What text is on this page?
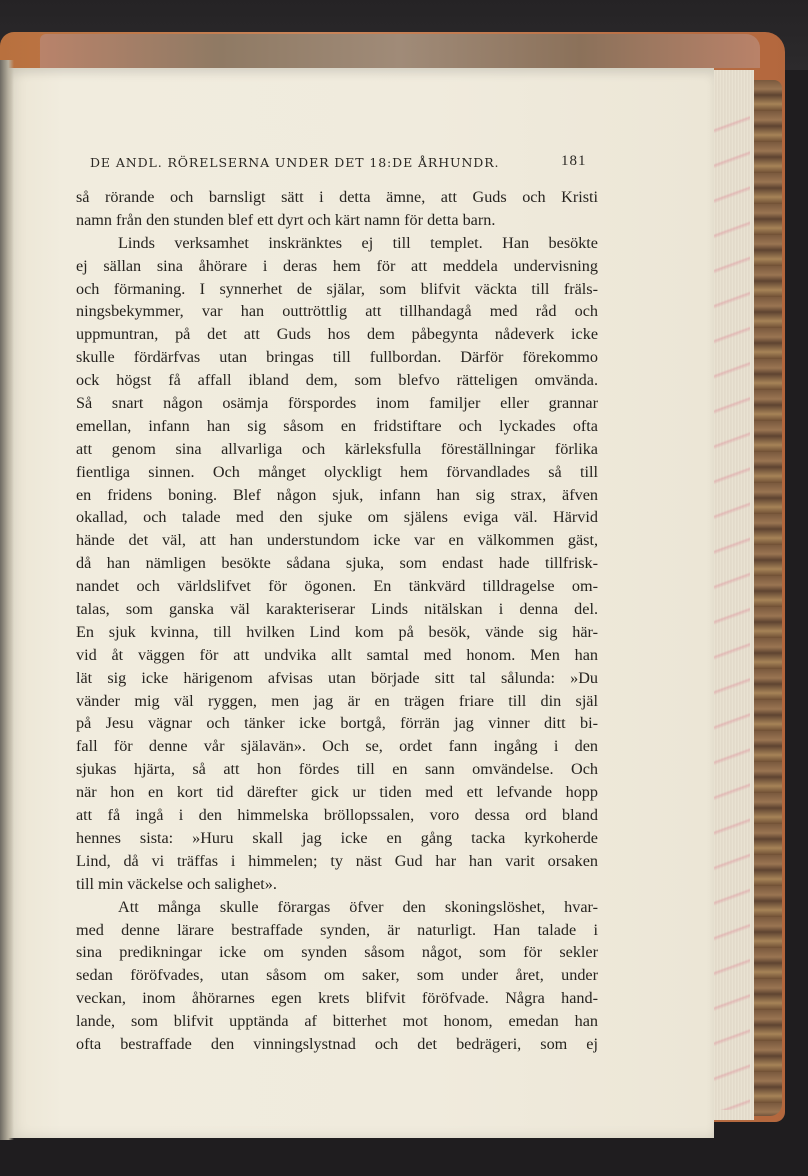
DE ANDL. RÖRELSERNA UNDER DET 18:DE ÅRHUNDR.	181
så rörande och barnsligt sätt i detta ämne, att Guds och Kristi
namn från den stunden blef ett dyrt och kärt namn för detta barn.
Linds verksamhet inskränktes ej till templet. Han besökte
ej sällan sina åhörare i deras hem för att meddela undervisning
och förmaning. I synnerhet de själar, som blifvit väckta till fräls-
ningsbekymmer, var han outtröttlig att tillhandagå med råd och
uppmuntran, på det att Guds hos dem påbegynta nådeverk icke
skulle fördärfvas utan bringas till fullbordan. Därför förekommo
ock högst få affall ibland dem, som blefvo rätteligen omvända.
Så snart någon osämja förspordes inom familjer eller grannar
emellan, infann han sig såsom en fridstiftare och lyckades ofta
att genom sina allvarliga och kärleksfulla föreställningar förlika
fientliga sinnen. Och månget olyckligt hem förvandlades så till
en fridens boning. Blef någon sjuk, infann han sig strax, äfven
okallad, och talade med den sjuke om själens eviga väl. Härvid
hände det väl, att han understundom icke var en välkommen gäst,
då han nämligen besökte sådana sjuka, som endast hade tillfrisk-
nandet och världslifvet för ögonen. En tänkvärd tilldragelse om-
talas, som ganska väl karakteriserar Linds nitälskan i denna del.
En sjuk kvinna, till hvilken Lind kom på besök, vände sig här-
vid åt väggen för att undvika allt samtal med honom. Men han
lät sig icke härigenom afvisas utan började sitt tal sålunda: »Du
vänder mig väl ryggen, men jag är en trägen friare till din själ
på Jesu vägnar och tänker icke bortgå, förrän jag vinner ditt bi-
fall för denne vår själavän». Och se, ordet fann ingång i den
sjukas hjärta, så att hon fördes till en sann omvändelse. Och
när hon en kort tid därefter gick ur tiden med ett lefvande hopp
att få ingå i den himmelska bröllopssalen, voro dessa ord bland
hennes sista: »Huru skall jag icke en gång tacka kyrkoherde
Lind, då vi träffas i himmelen; ty näst Gud har han varit orsaken
till min väckelse och salighet».
Att många skulle förargas öfver den skoningslöshet, hvar-
med denne lärare bestraffade synden, är naturligt. Han talade i
sina predikningar icke om synden såsom något, som för sekler
sedan föröfvades, utan såsom om saker, som under året, under
veckan, inom åhörarnes egen krets blifvit föröfvade. Några hand-
lande, som blifvit upptända af bitterhet mot honom, emedan han
ofta bestraffade den vinningslystnad och det bedrägeri, som ej
